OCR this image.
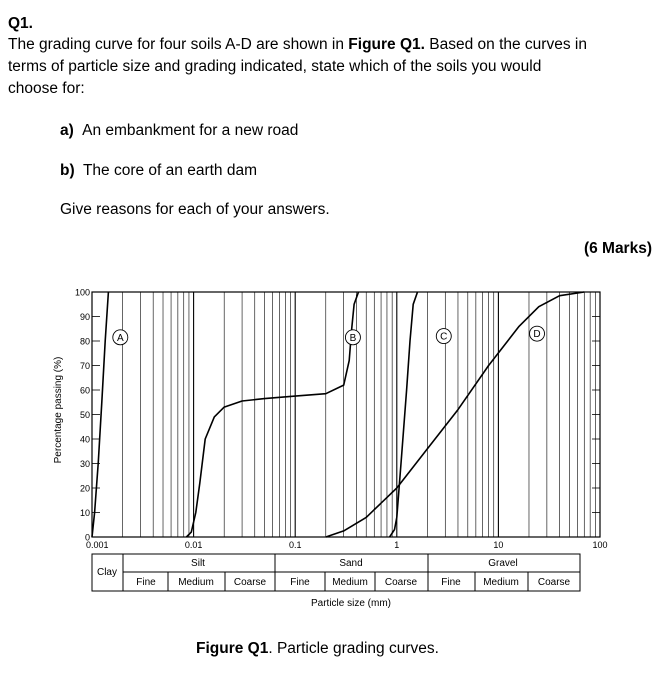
Q1.
The grading curve for four soils A-D are shown in Figure Q1. Based on the curves in
terms of particle size and grading indicated, state which of the soils you would
choose for:
a) An embankment for a new road
b) The core of an earth dam
Give reasons for each of your answers.
(6 Marks)
A	B	C	D
0
10
20
30
40
50
60
70
80
90
100
0.001	0.01	0.1	1	10	100
Percentage passing (%)
Clay
Silt	Sand	Gravel
Fine Medium Coarse Fine Medium Coarse Fine Medium Coarse
Particle size (mm)
Figure Q1. Particle grading curves.
